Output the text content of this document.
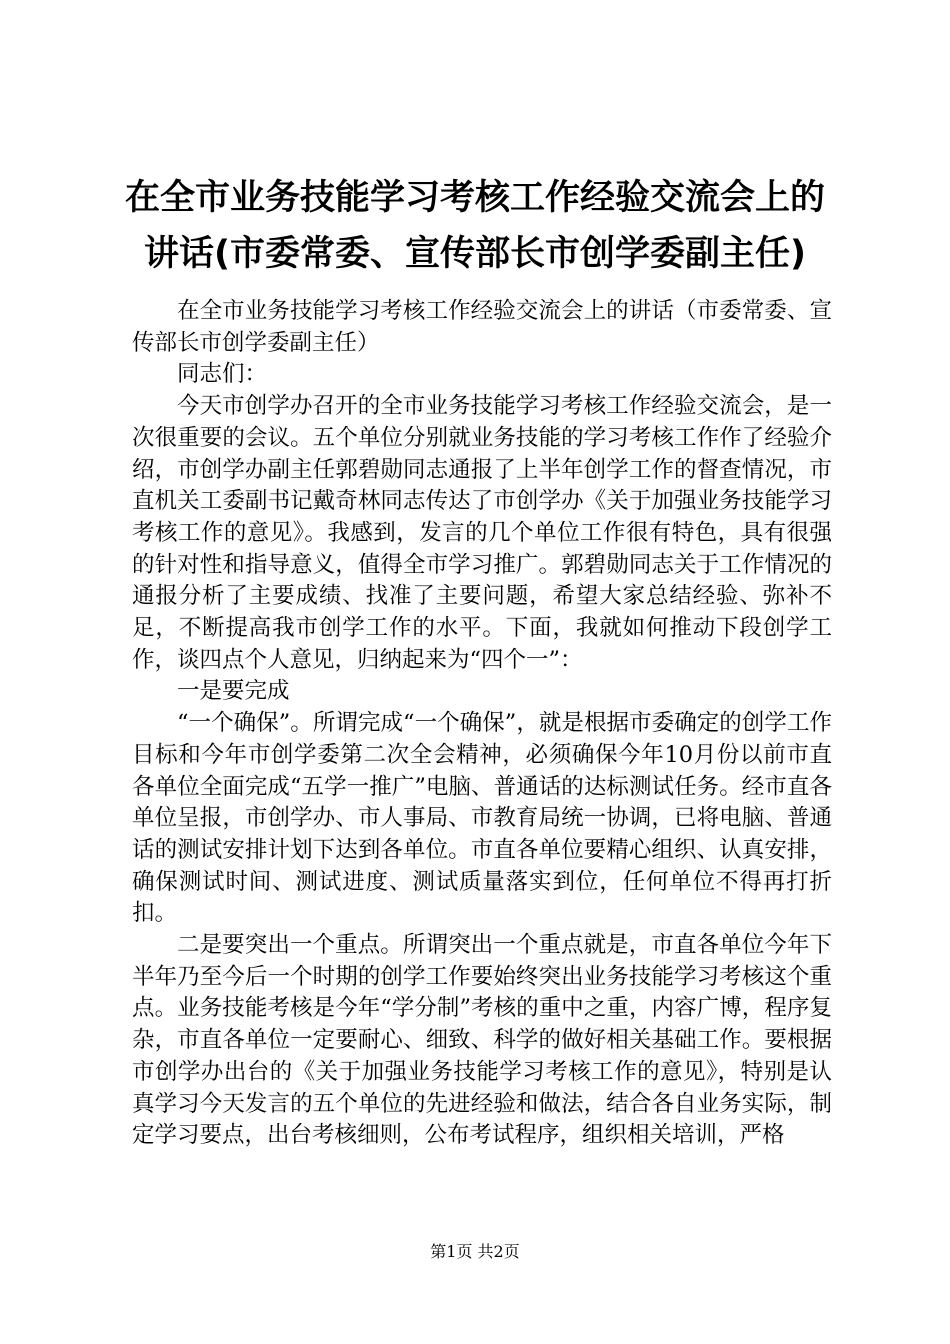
在全市业务技能学习考核工作经验交流会上的讲话(市委常委、宣传部长市创学委副主任)

在全市业务技能学习考核工作经验交流会上的讲话（市委常委、宣传部长市创学委副主任）

同志们：

今天市创学办召开的全市业务技能学习考核工作经验交流会，是一次很重要的会议。五个单位分别就业务技能的学习考核工作作了经验介绍，市创学办副主任郭碧勋同志通报了上半年创学工作的督查情况，市直机关工委副书记戴奇林同志传达了市创学办《关于加强业务技能学习考核工作的意见》。我感到，发言的几个单位工作很有特色，具有很强的针对性和指导意义，值得全市学习推广。郭碧勋同志关于工作情况的通报分析了主要成绩、找准了主要问题，希望大家总结经验、弥补不足，不断提高我市创学工作的水平。下面，我就如何推动下段创学工作，谈四点个人意见，归纳起来为“四个一”：

一是要完成

“一个确保”。所谓完成“一个确保”，就是根据市委确定的创学工作目标和今年市创学委第二次全会精神，必须确保今年10月份以前市直各单位全面完成“五学一推广”电脑、普通话的达标测试任务。经市直各单位呈报，市创学办、市人事局、市教育局统一协调，已将电脑、普通话的测试安排计划下达到各单位。市直各单位要精心组织、认真安排，确保测试时间、测试进度、测试质量落实到位，任何单位不得再打折扣。

二是要突出一个重点。所谓突出一个重点就是，市直各单位今年下半年乃至今后一个时期的创学工作要始终突出业务技能学习考核这个重点。业务技能考核是今年“学分制”考核的重中之重，内容广博，程序复杂，市直各单位一定要耐心、细致、科学的做好相关基础工作。要根据市创学办出台的《关于加强业务技能学习考核工作的意见》，特别是认真学习今天发言的五个单位的先进经验和做法，结合各自业务实际，制定学习要点，出台考核细则，公布考试程序，组织相关培训，严格

第1页 共2页
